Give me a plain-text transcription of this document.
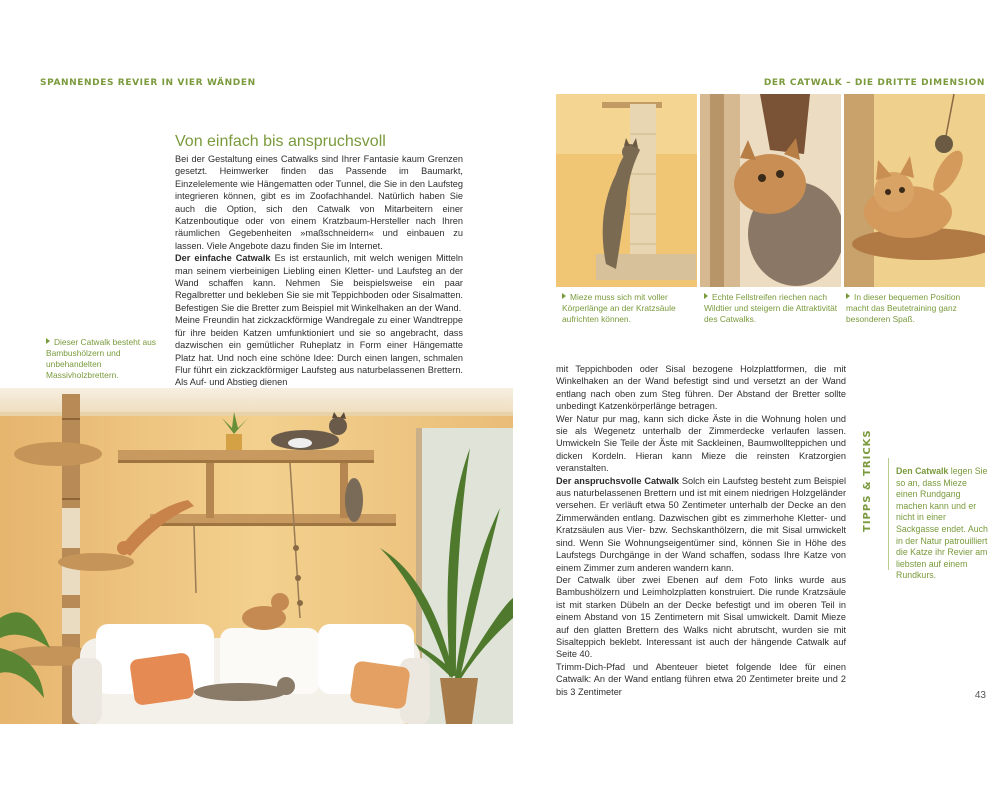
SPANNENDES REVIER IN VIER WÄNDEN	DER CATWALK – DIE DRITTE DIMENSION
Von einfach bis anspruchsvoll

Bei der Gestaltung eines Catwalks sind Ihrer Fantasie kaum Grenzen gesetzt. Heimwerker finden das Passende im Baumarkt, Einzelelemente wie Hängematten oder Tunnel, die Sie in den Laufsteg integrieren können, gibt es im Zoofachhandel. Natürlich haben Sie auch die Option, sich den Catwalk von Mitarbeitern einer Katzenboutique oder von einem Kratzbaum-Hersteller nach Ihren räumlichen Gegebenheiten »maßschneidern« und einbauen zu lassen. Viele Angebote dazu finden Sie im Internet.

Der einfache Catwalk Es ist erstaunlich, mit welch wenigen Mitteln man seinem vierbeinigen Liebling einen Kletter- und Laufsteg an der Wand schaffen kann. Nehmen Sie beispielsweise ein paar Regalbretter und bekleben Sie sie mit Teppichboden oder Sisalmatten. Befestigen Sie die Bretter zum Beispiel mit Winkelhaken an der Wand.

Meine Freundin hat zickzackförmige Wandregale zu einer Wandtreppe für ihre beiden Katzen umfunktioniert und sie so angebracht, dass dazwischen ein gemütlicher Ruheplatz in Form einer Hängematte Platz hat. Und noch eine schöne Idee: Durch einen langen, schmalen Flur führt ein zickzackförmiger Laufsteg aus naturbelassenen Brettern. Als Auf- und Abstieg dienen

Dieser Catwalk besteht aus Bambushölzern und unbehandelten Massivholzbrettern.
Mieze muss sich mit voller Körperlänge an der Kratzsäule aufrichten können.
Echte Fellstreifen riechen nach Wildtier und steigern die Attraktivität des Catwalks.
In dieser bequemen Position macht das Beutetraining ganz besonderen Spaß.

mit Teppichboden oder Sisal bezogene Holzplattformen, die mit Winkelhaken an der Wand befestigt sind und versetzt an der Wand entlang nach oben zum Steg führen. Der Abstand der Bretter sollte unbedingt Katzenkörperlänge betragen.

Wer Natur pur mag, kann sich dicke Äste in die Wohnung holen und sie als Wegenetz unterhalb der Zimmerdecke verlaufen lassen. Umwickeln Sie Teile der Äste mit Sackleinen, Baumwollteppichen und dicken Kordeln. Hieran kann Mieze die reinsten Kratzorgien veranstalten.

Der anspruchsvolle Catwalk Solch ein Laufsteg besteht zum Beispiel aus naturbelassenen Brettern und ist mit einem niedrigen Holzgeländer versehen. Er verläuft etwa 50 Zentimeter unterhalb der Decke an den Zimmerwänden entlang. Dazwischen gibt es zimmerhohe Kletter- und Kratzsäulen aus Vier- bzw. Sechskanthölzern, die mit Sisal umwickelt sind. Wenn Sie Wohnungseigentümer sind, können Sie in Höhe des Laufstegs Durchgänge in der Wand schaffen, sodass Ihre Katze von einem Zimmer zum anderen wandern kann.

Der Catwalk über zwei Ebenen auf dem Foto links wurde aus Bambushölzern und Leimholzplatten konstruiert. Die runde Kratzsäule ist mit starken Dübeln an der Decke befestigt und im oberen Teil in einem Abstand von 15 Zentimetern mit Sisal umwickelt. Damit Mieze auf den glatten Brettern des Walks nicht abrutscht, wurden sie mit Sisalteppich beklebt. Interessant ist auch der hängende Catwalk auf Seite 40.

Trimm-Dich-Pfad und Abenteuer bietet folgende Idee für einen Catwalk: An der Wand entlang führen etwa 20 Zentimeter breite und 2 bis 3 Zentimeter

TIPPS & TRICKS	Den Catwalk legen Sie so an, dass Mieze einen Rundgang machen kann und er nicht in einer Sackgasse endet. Auch in der Natur patrouilliert die Katze ihr Revier am liebsten auf einem Rundkurs.
43
